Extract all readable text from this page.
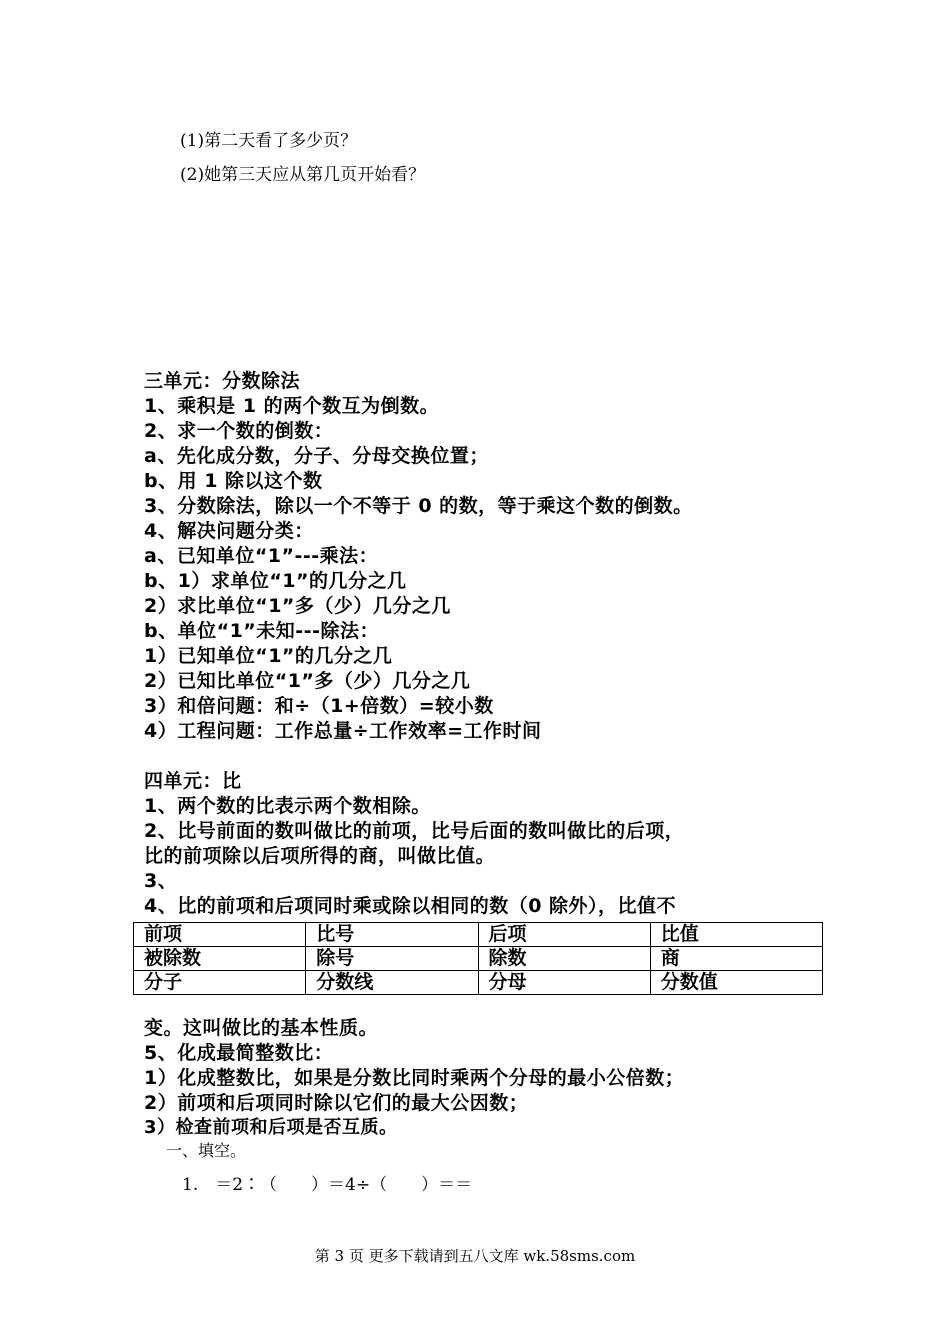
(1)第二天看了多少页？
(2)她第三天应从第几页开始看？
三单元：分数除法
1、乘积是 1 的两个数互为倒数。
2、求一个数的倒数：
a、先化成分数，分子、分母交换位置；
b、用 1 除以这个数
3、分数除法，除以一个不等于 0 的数，等于乘这个数的倒数。
4、解决问题分类：
a、已知单位“1”---乘法：
b、1）求单位“1”的几分之几
2）求比单位“1”多（少）几分之几
b、单位“1”未知---除法：
1）已知单位“1”的几分之几
2）已知比单位“1”多（少）几分之几
3）和倍问题：和÷（1+倍数）=较小数
4）工程问题：工作总量÷工作效率=工作时间
四单元：比
1、两个数的比表示两个数相除。
2、比号前面的数叫做比的前项，比号后面的数叫做比的后项，
比的前项除以后项所得的商，叫做比值。
3、
4、比的前项和后项同时乘或除以相同的数（0 除外），比值不
前项	比号	后项	比值
被除数	除号	除数	商
分子	分数线	分母	分数值
变。这叫做比的基本性质。
5、化成最简整数比：
1）化成整数比，如果是分数比同时乘两个分母的最小公倍数；
2）前项和后项同时除以它们的最大公因数；
3）检查前项和后项是否互质。
一、填空。
1.　＝2∶（　　）＝4÷（　　）＝＝
第 3 页 更多下载请到五八文库 wk.58sms.com
